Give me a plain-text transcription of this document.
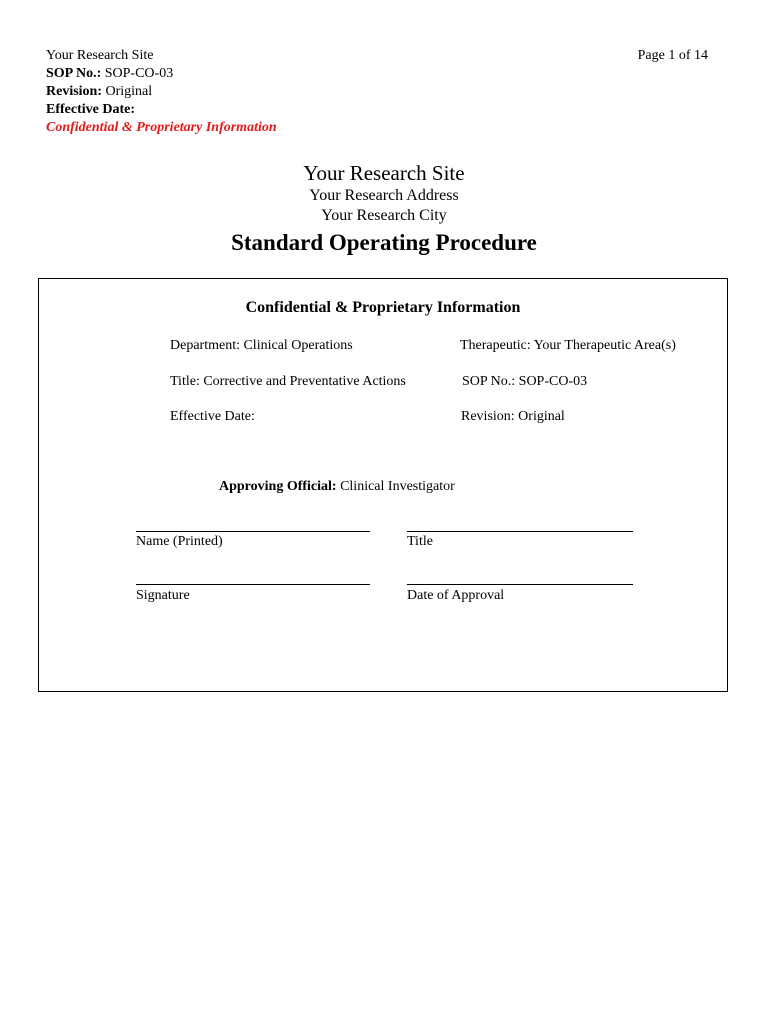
Your Research Site
SOP No.: SOP-CO-03
Revision: Original
Effective Date:
Confidential & Proprietary Information
Page 1 of 14
Your Research Site
Your Research Address
Your Research City
Standard Operating Procedure
Confidential & Proprietary Information
Department: Clinical Operations	Therapeutic: Your Therapeutic Area(s)
Title: Corrective and Preventative Actions	SOP No.: SOP-CO-03
Effective Date:	Revision: Original
Approving Official: Clinical Investigator
Name (Printed)	Title
Signature	Date of Approval
